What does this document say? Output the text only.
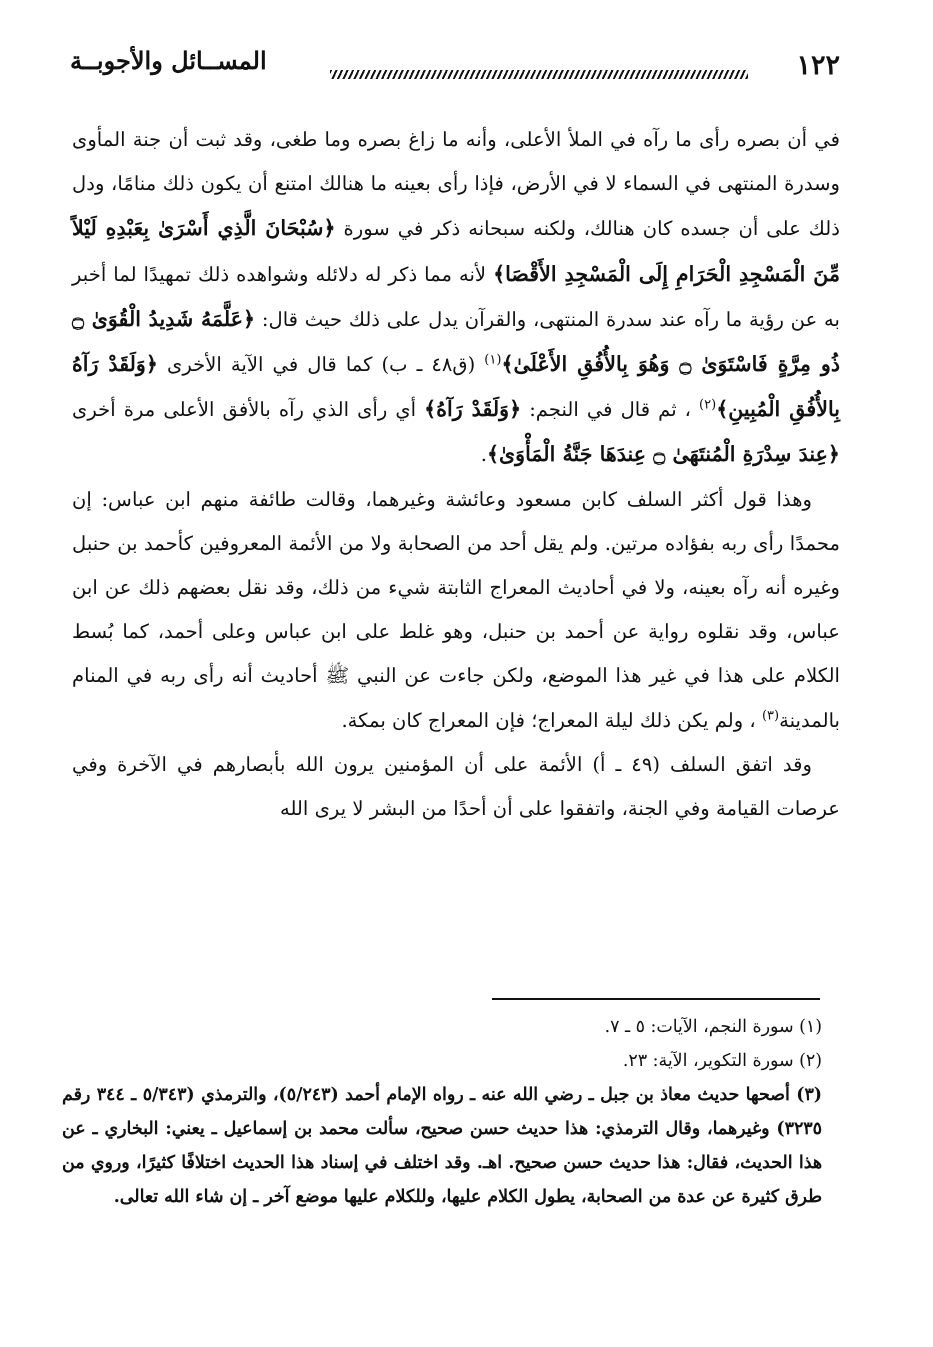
١٢٢
المســائل والأجوبــة

في أن بصره رأى ما رآه في الملأ الأعلى، وأنه ما زاغ بصره وما طغى، وقد ثبت أن جنة المأوى وسدرة المنتهى في السماء لا في الأرض، فإذا رأى بعينه ما هنالك امتنع أن يكون ذلك منامًا، ودل ذلك على أن جسده كان هنالك، ولكنه سبحانه ذكر في سورة ﴿سُبْحَانَ الَّذِي أَسْرَىٰ بِعَبْدِهِ لَيْلاً مِّنَ الْمَسْجِدِ الْحَرَامِ إِلَى الْمَسْجِدِ الأَقْصَا﴾ لأنه مما ذكر له دلائله وشواهده ذلك تمهيدًا لما أخبر به عن رؤية ما رآه عند سدرة المنتهى، والقرآن يدل على ذلك حيث قال: ﴿عَلَّمَهُ شَدِيدُ الْقُوَىٰ ۝ ذُو مِرَّةٍ فَاسْتَوَىٰ ۝ وَهُوَ بِالأُفُقِ الأَعْلَىٰ﴾$^{(١)}$ (ق٤٨ ـ ب) كما قال في الآية الأخرى ﴿وَلَقَدْ رَآهُ بِالأُفُقِ الْمُبِينِ﴾$^{(٢)}$ ، ثم قال في النجم: ﴿وَلَقَدْ رَآهُ﴾ أي رأى الذي رآه بالأفق الأعلى مرة أخرى ﴿عِندَ سِدْرَةِ الْمُنتَهَىٰ ۝ عِندَهَا جَنَّةُ الْمَأْوَىٰ﴾.

وهذا قول أكثر السلف كابن مسعود وعائشة وغيرهما، وقالت طائفة منهم ابن عباس: إن محمدًا رأى ربه بفؤاده مرتين. ولم يقل أحد من الصحابة ولا من الأئمة المعروفين كأحمد بن حنبل وغيره أنه رآه بعينه، ولا في أحاديث المعراج الثابتة شيء من ذلك، وقد نقل بعضهم ذلك عن ابن عباس، وقد نقلوه رواية عن أحمد بن حنبل، وهو غلط على ابن عباس وعلى أحمد، كما بُسط الكلام على هذا في غير هذا الموضع، ولكن جاءت عن النبي ﷺ أحاديث أنه رأى ربه في المنام بالمدينة$^{(٣)}$ ، ولم يكن ذلك ليلة المعراج؛ فإن المعراج كان بمكة.

وقد اتفق السلف (٤٩ ـ أ) الأئمة على أن المؤمنين يرون الله بأبصارهم في الآخرة وفي عرصات القيامة وفي الجنة، واتفقوا على أن أحدًا من البشر لا يرى الله

(١) سورة النجم، الآيات: ٥ ـ ٧.

(٢) سورة التكوير، الآية: ٢٣.

(٣) أصحها حديث معاذ بن جبل ـ رضي الله عنه ـ رواه الإمام أحمد (٥/٢٤٣)، والترمذي (٥/٣٤٣ ـ ٣٤٤ رقم ٣٢٣٥) وغيرهما، وقال الترمذي: هذا حديث حسن صحيح، سألت محمد بن إسماعيل ـ يعني: البخاري ـ عن هذا الحديث، فقال: هذا حديث حسن صحيح. اهـ. وقد اختلف في إسناد هذا الحديث اختلافًا كثيرًا، وروي من طرق كثيرة عن عدة من الصحابة، يطول الكلام عليها، وللكلام عليها موضع آخر ـ إن شاء الله تعالى.
